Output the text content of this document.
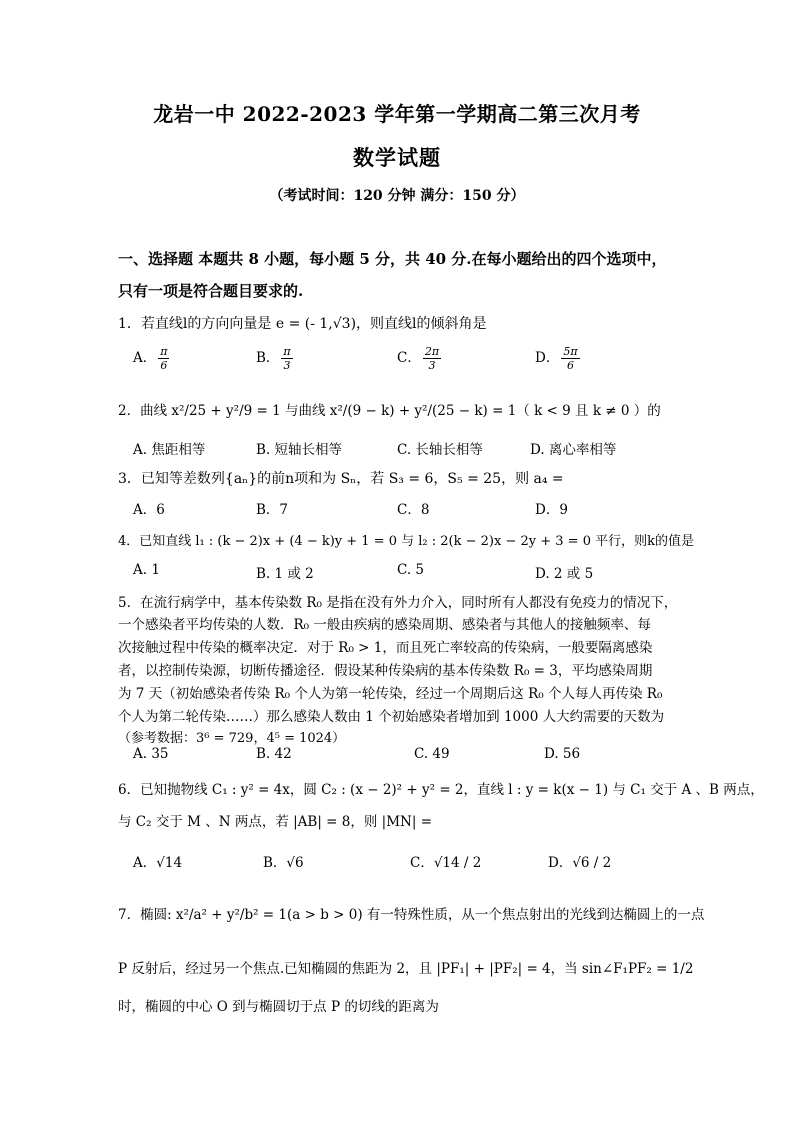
龙岩一中 2022-2023 学年第一学期高二第三次月考
数学试题
（考试时间：120 分钟 满分：150 分）
一、选择题 本题共 8 小题，每小题 5 分，共 40 分.在每小题给出的四个选项中，
只有一项是符合题目要求的.
1．若直线l的方向向量是 e = (- 1,√3)，则直线l的倾斜角是
A． $\frac{\pi}{6}$	B． $\frac{\pi}{3}$	C． $\frac{2\pi}{3}$	D． $\frac{5\pi}{6}$
2．曲线 x²/25 + y²/9 = 1 与曲线 x²/(9 − k) + y²/(25 − k) = 1（ k < 9 且 k ≠ 0 ）的
A. 焦距相等	B. 短轴长相等	C. 长轴长相等	D. 离心率相等
3．已知等差数列{aₙ}的前n项和为 Sₙ，若 S₃ = 6，S₅ = 25，则 a₄ =
A．6	B．7	C．8	D．9
4．已知直线 l₁ : (k − 2)x + (4 − k)y + 1 = 0 与 l₂ : 2(k − 2)x − 2y + 3 = 0 平行，则k的值是
A. 1	B. 1 或 2	C. 5	D. 2 或 5
5．在流行病学中，基本传染数 R₀ 是指在没有外力介入，同时所有人都没有免疫力的情况下，
一个感染者平均传染的人数．R₀ 一般由疾病的感染周期、感染者与其他人的接触频率、每
次接触过程中传染的概率决定．对于 R₀ > 1，而且死亡率较高的传染病，一般要隔离感染
者，以控制传染源，切断传播途径．假设某种传染病的基本传染数 R₀ = 3，平均感染周期
为 7 天（初始感染者传染 R₀ 个人为第一轮传染，经过一个周期后这 R₀ 个人每人再传染 R₀
个人为第二轮传染……）那么感染人数由 1 个初始感染者增加到 1000 人大约需要的天数为
（参考数据：3⁶ = 729，4⁵ = 1024）
A. 35	B. 42	C. 49	D. 56
6．已知抛物线 C₁ : y² = 4x，圆 C₂ : (x − 2)² + y² = 2，直线 l : y = k(x − 1) 与 C₁ 交于 A 、B 两点，
与 C₂ 交于 M 、N 两点，若 |AB| = 8，则 |MN| =
A．√14	B．√6	C．√14 / 2	D．√6 / 2
7．椭圆: x²/a² + y²/b² = 1(a > b > 0) 有一特殊性质，从一个焦点射出的光线到达椭圆上的一点
P 反射后，经过另一个焦点.已知椭圆的焦距为 2，且 |PF₁| + |PF₂| = 4，当 sin∠F₁PF₂ = 1/2
时，椭圆的中心 O 到与椭圆切于点 P 的切线的距离为
